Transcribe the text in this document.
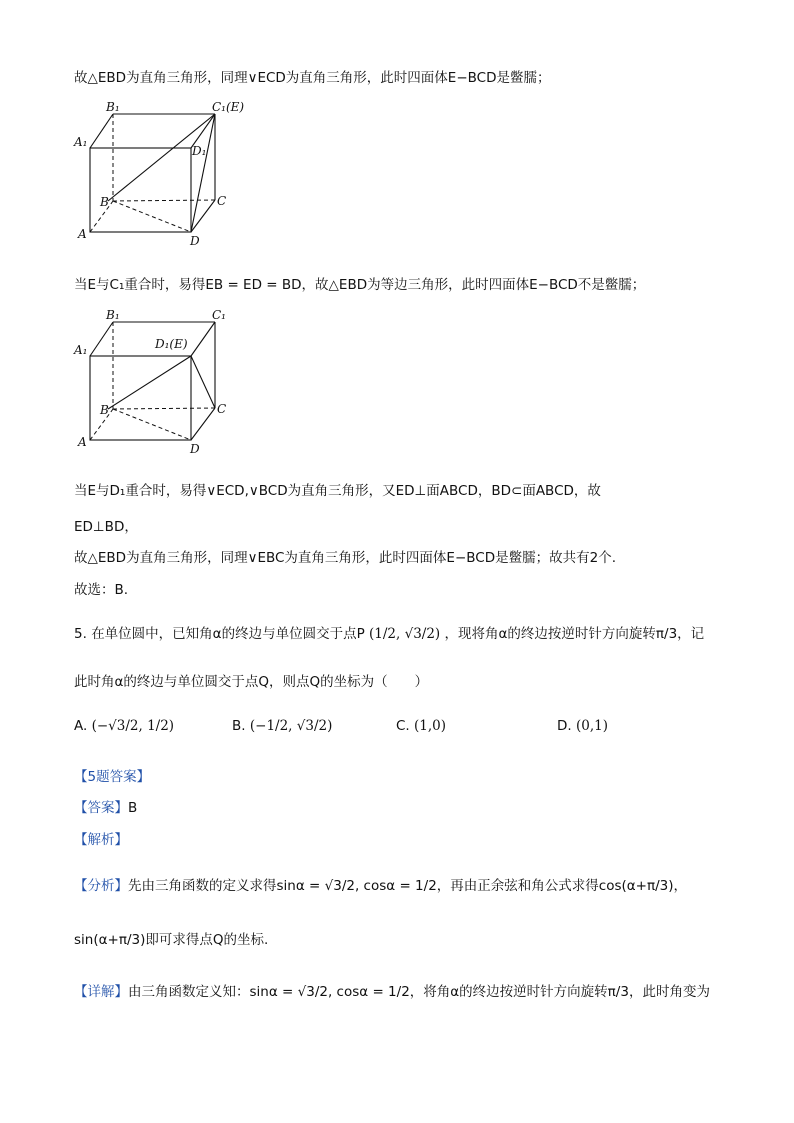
故△EBD为直角三角形，同理∨ECD为直角三角形，此时四面体E−BCD是鳖臑；
B₁	C₁(E)
A₁
D₁
B	C
A	D
当E与C₁重合时，易得EB = ED = BD，故△EBD为等边三角形，此时四面体E−BCD不是鳖臑；
B₁	C₁
A₁	D₁(E)
B	C
A	D
当E与D₁重合时，易得∨ECD,∨BCD为直角三角形，又ED⊥面ABCD，BD⊂面ABCD，故
ED⊥BD，
故△EBD为直角三角形，同理∨EBC为直角三角形，此时四面体E−BCD是鳖臑；故共有2个.
故选：B.
5. 在单位圆中，已知角α的终边与单位圆交于点P (1/2, √3/2) ，现将角α的终边按逆时针方向旋转π/3，记
此时角α的终边与单位圆交于点Q，则点Q的坐标为（　　）
A. (−√3/2, 1/2)	B. (−1/2, √3/2)	C. (1,0)	D. (0,1)
【5题答案】
【答案】B
【解析】
【分析】先由三角函数的定义求得sinα = √3/2, cosα = 1/2，再由正余弦和角公式求得cos(α+π/3)，
sin(α+π/3)即可求得点Q的坐标.
【详解】由三角函数定义知：sinα = √3/2, cosα = 1/2，将角α的终边按逆时针方向旋转π/3，此时角变为
